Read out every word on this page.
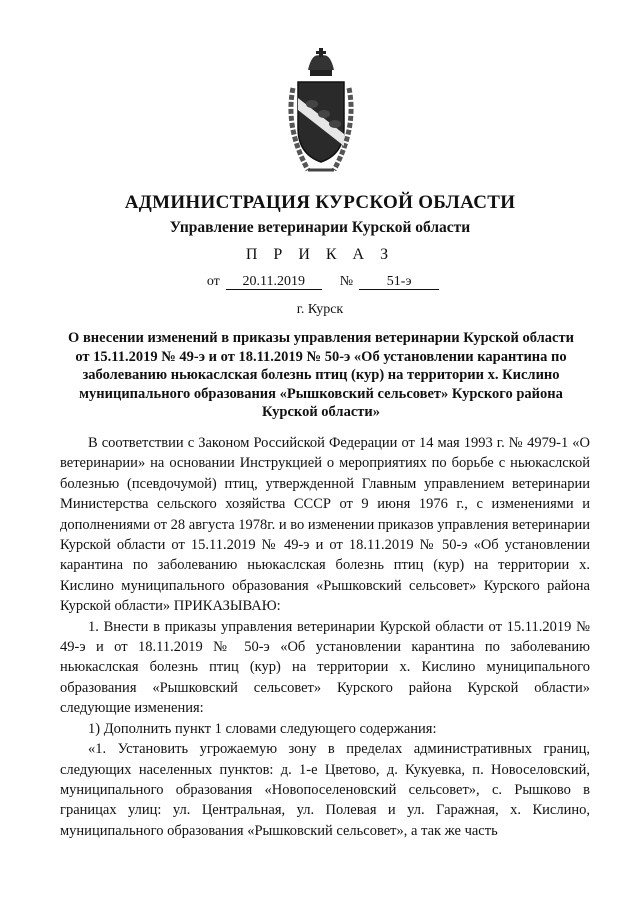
АДМИНИСТРАЦИЯ КУРСКОЙ ОБЛАСТИ
Управление ветеринарии Курской области
П Р И К А З
от	20.11.2019	№	51-э
г. Курск
О внесении изменений в приказы управления ветеринарии Курской области от 15.11.2019 № 49-э и от 18.11.2019 № 50-э «Об установлении карантина по заболеванию ньюкаслская болезнь птиц (кур) на территории х. Кислино муниципального образования «Рышковский сельсовет» Курского района Курской области»

В соответствии с Законом Российской Федерации от 14 мая 1993 г. № 4979-1 «О ветеринарии» на основании Инструкцией о мероприятиях по борьбе с ньюкаслской болезнью (псевдочумой) птиц, утвержденной Главным управлением ветеринарии Министерства сельского хозяйства СССР от 9 июня 1976 г., с изменениями и дополнениями от 28 августа 1978г. и во изменении приказов управления ветеринарии Курской области от 15.11.2019 № 49-э и от 18.11.2019 № 50-э «Об установлении карантина по заболеванию ньюкаслская болезнь птиц (кур) на территории х. Кислино муниципального образования «Рышковский сельсовет» Курского района Курской области» ПРИКАЗЫВАЮ:

1. Внести в приказы управления ветеринарии Курской области от 15.11.2019 № 49-э и от 18.11.2019 № 50-э «Об установлении карантина по заболеванию ньюкаслская болезнь птиц (кур) на территории х. Кислино муниципального образования «Рышковский сельсовет» Курского района Курской области» следующие изменения:

1) Дополнить пункт 1 словами следующего содержания:

«1. Установить угрожаемую зону в пределах административных границ, следующих населенных пунктов: д. 1-е Цветово, д. Кукуевка, п. Новоселовский, муниципального образования «Новопоселеновский сельсовет», с. Рышково в границах улиц: ул. Центральная, ул. Полевая и ул. Гаражная, х. Кислино, муниципального образования «Рышковский сельсовет», а так же часть
